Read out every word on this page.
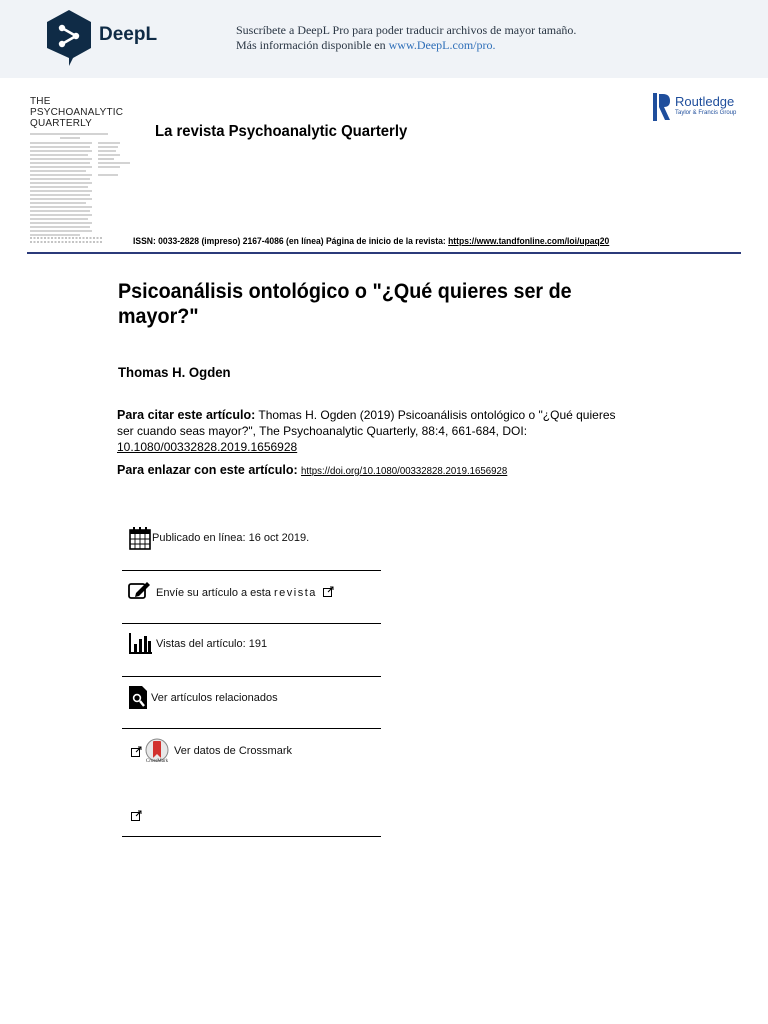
DeepL	Suscríbete a DeepL Pro para poder traducir archivos de mayor tamaño.
Más información disponible en www.DeepL.com/pro.
THE
PSYCHOANALYTIC
QUARTERLY	La revista Psychoanalytic Quarterly
Routledge
Taylor & Francis Group
ISSN: 0033-2828 (impreso) 2167-4086 (en línea) Página de inicio de la revista: https://www.tandfonline.com/loi/upaq20
Psicoanálisis ontológico o "¿Qué quieres ser de mayor?"
Thomas H. Ogden
Para citar este artículo: Thomas H. Ogden (2019) Psicoanálisis ontológico o "¿Qué quieres ser cuando seas mayor?", The Psychoanalytic Quarterly, 88:4, 661-684, DOI: 10.1080/00332828.2019.1656928
Para enlazar con este artículo: https://doi.org/10.1080/00332828.2019.1656928
Publicado en línea: 16 oct 2019.
Envíe su artículo a esta revista
Vistas del artículo: 191
Ver artículos relacionados
CrossMark
Ver datos de Crossmark
